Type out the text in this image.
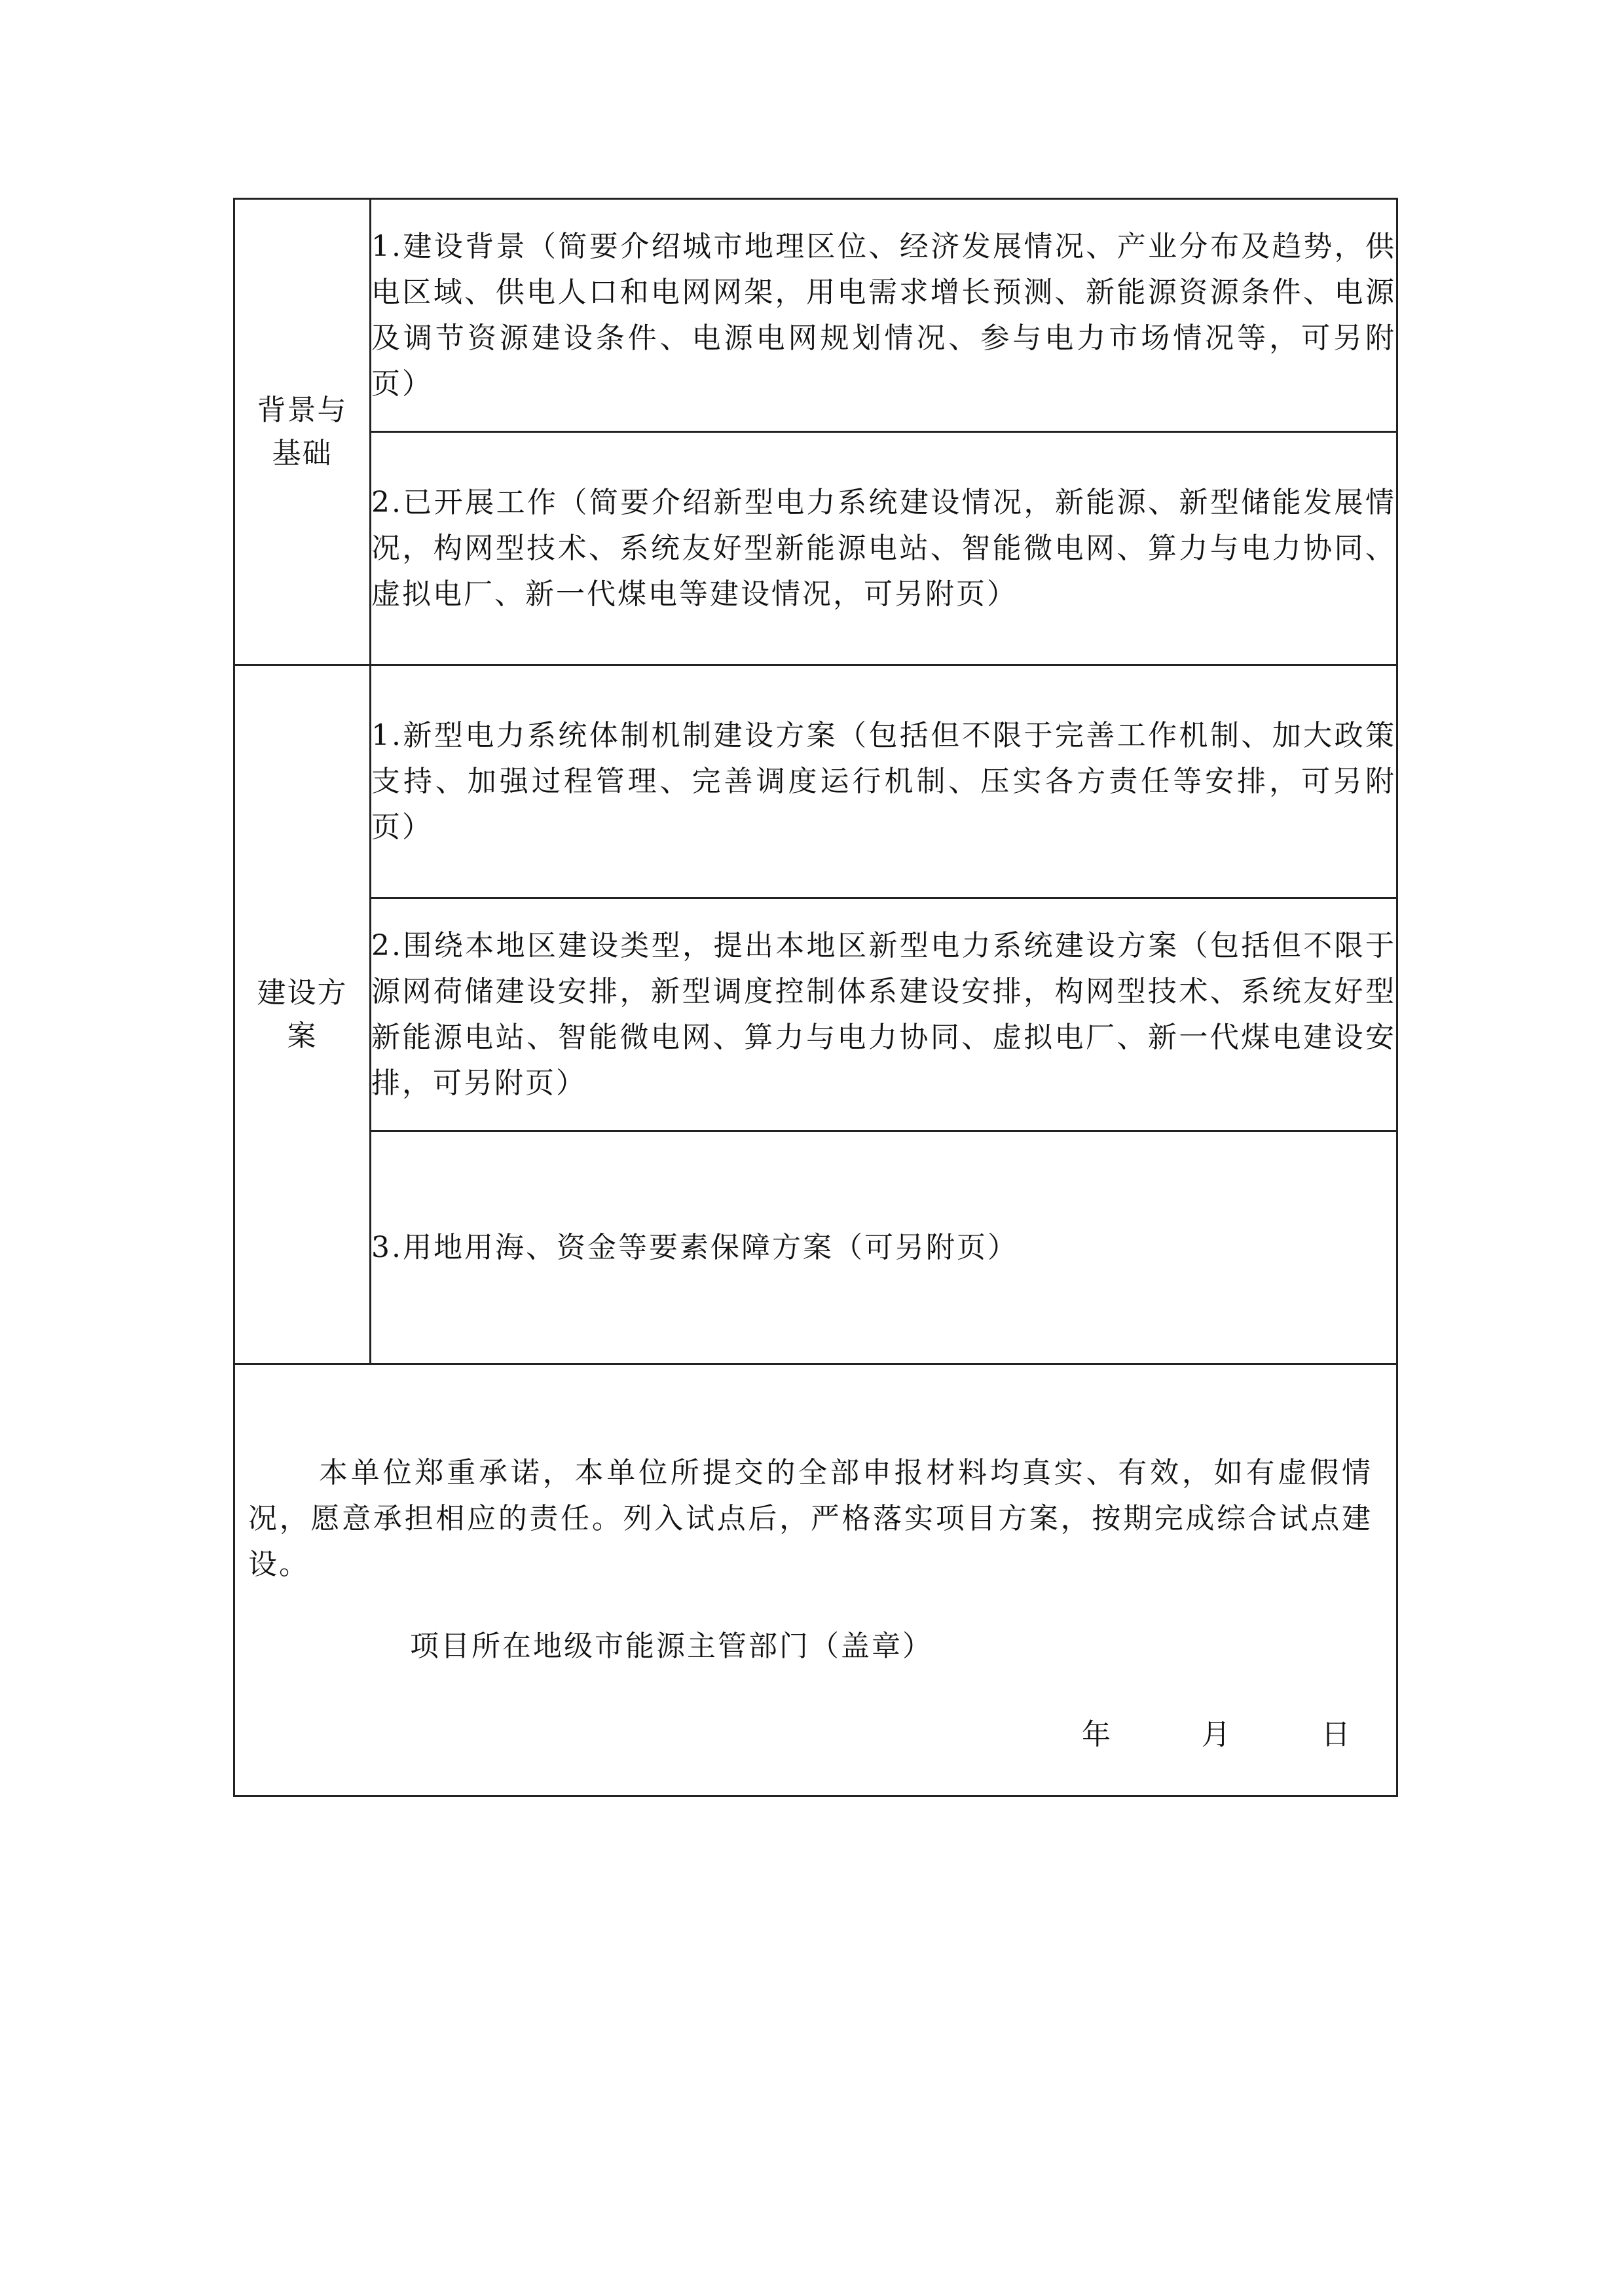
背景与
基础	1.建设背景（简要介绍城市地理区位、经济发展情况、产业分布及趋势，供电区域、供电人口和电网网架，用电需求增长预测、新能源资源条件、电源及调节资源建设条件、电源电网规划情况、参与电力市场情况等，可另附页）
	2.已开展工作（简要介绍新型电力系统建设情况，新能源、新型储能发展情况，构网型技术、系统友好型新能源电站、智能微电网、算力与电力协同、虚拟电厂、新一代煤电等建设情况，可另附页）

建设方
案	1.新型电力系统体制机制建设方案（包括但不限于完善工作机制、加大政策支持、加强过程管理、完善调度运行机制、压实各方责任等安排，可另附页）
	2.围绕本地区建设类型，提出本地区新型电力系统建设方案（包括但不限于源网荷储建设安排，新型调度控制体系建设安排，构网型技术、系统友好型新能源电站、智能微电网、算力与电力协同、虚拟电厂、新一代煤电建设安排，可另附页）
	3.用地用海、资金等要素保障方案（可另附页）

本单位郑重承诺，本单位所提交的全部申报材料均真实、有效，如有虚假情况，愿意承担相应的责任。列入试点后，严格落实项目方案，按期完成综合试点建设。	
项目所在地级市能源主管部门（盖章）
年        月        日
